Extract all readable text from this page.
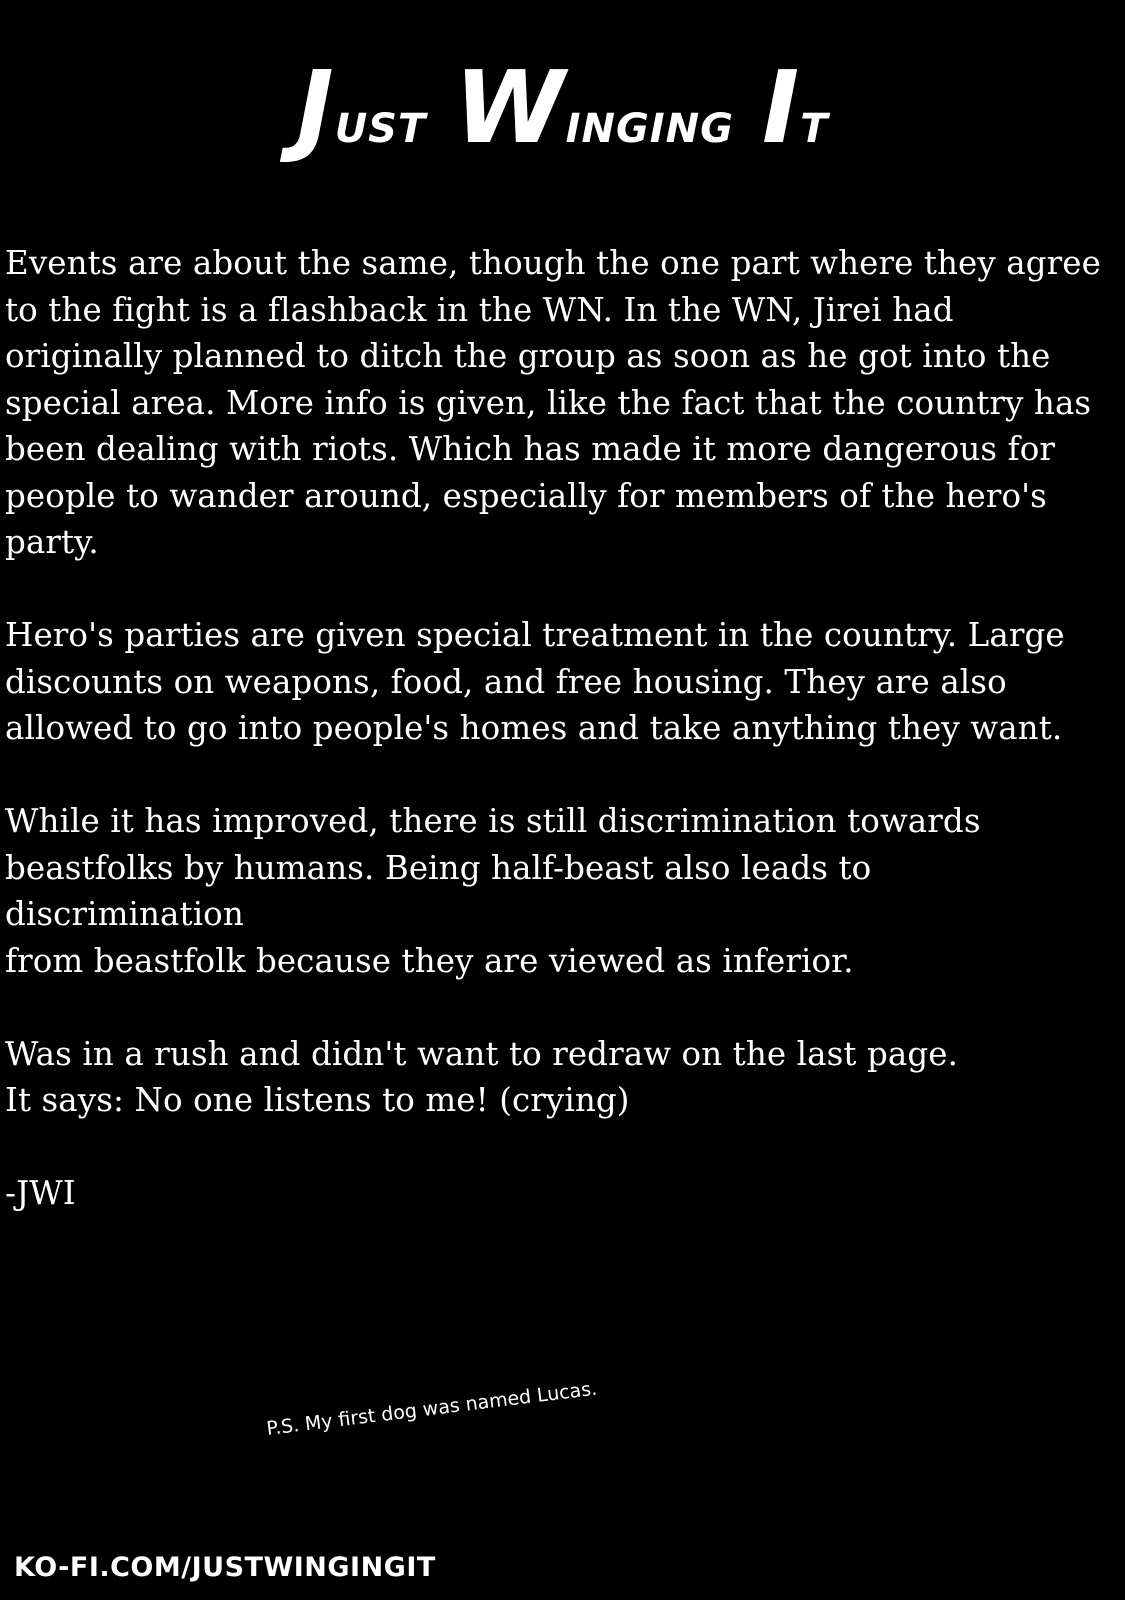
JUST WINGING IT

Events are about the same, though the one part where they agree
to the fight is a flashback in the WN. In the WN, Jirei had
originally planned to ditch the group as soon as he got into the
special area. More info is given, like the fact that the country has
been dealing with riots. Which has made it more dangerous for
people to wander around, especially for members of the hero's
party.

Hero's parties are given special treatment in the country. Large
discounts on weapons, food, and free housing. They are also
allowed to go into people's homes and take anything they want.

While it has improved, there is still discrimination towards
beastfolks by humans. Being half-beast also leads to discrimination
from beastfolk because they are viewed as inferior.

Was in a rush and didn't want to redraw on the last page.
It says: No one listens to me! (crying)

-JWI

P.S. My first dog was named Lucas.
KO-FI.COM/JUSTWINGINGIT
